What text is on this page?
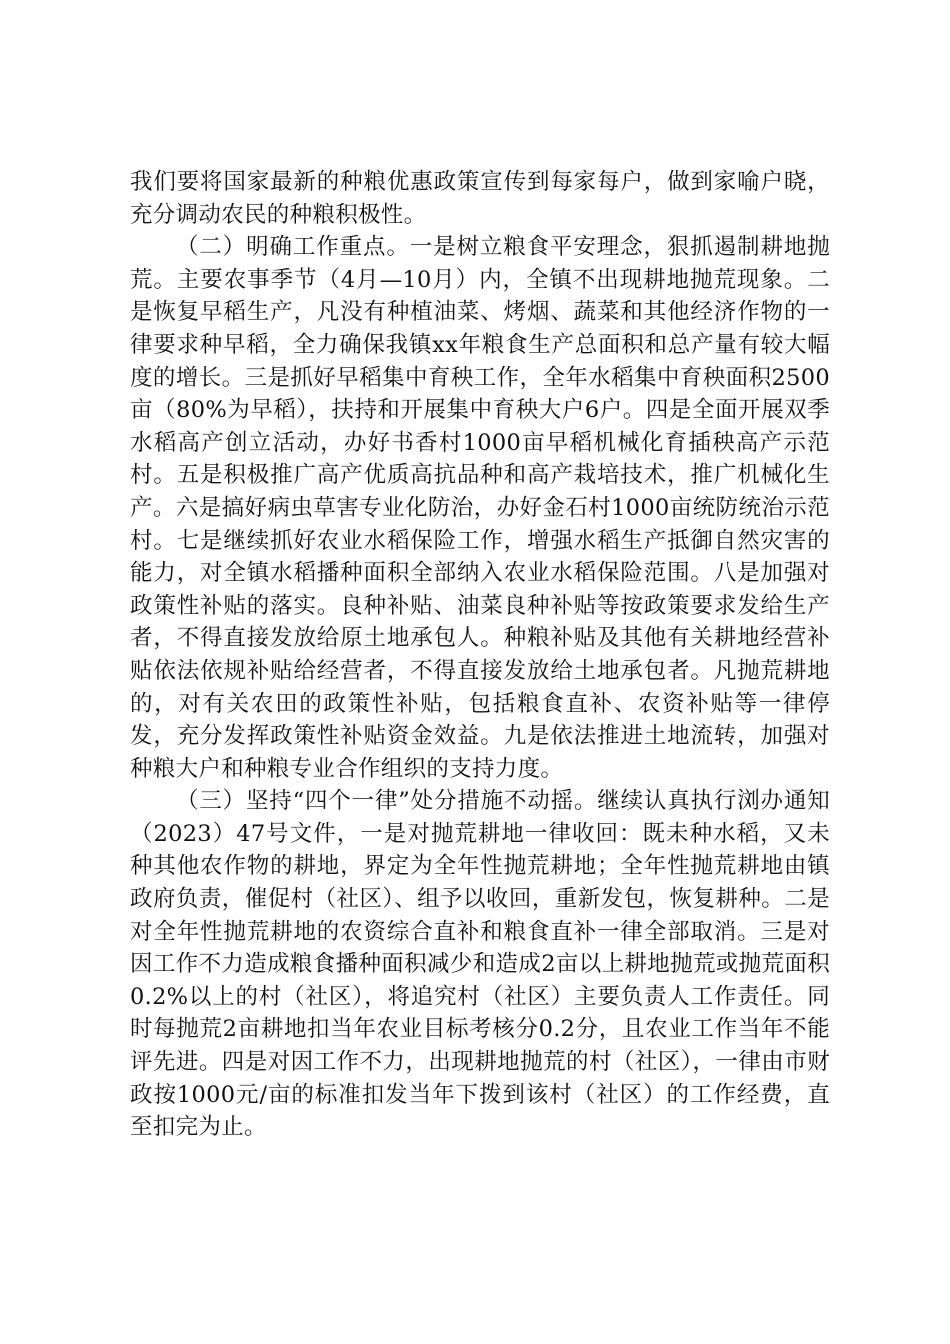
我们要将国家最新的种粮优惠政策宣传到每家每户，做到家喻户晓，充分调动农民的种粮积极性。

（二）明确工作重点。一是树立粮食平安理念，狠抓遏制耕地抛荒。主要农事季节（4月—10月）内，全镇不出现耕地抛荒现象。二是恢复早稻生产，凡没有种植油菜、烤烟、蔬菜和其他经济作物的一律要求种早稻，全力确保我镇xx年粮食生产总面积和总产量有较大幅度的增长。三是抓好早稻集中育秧工作，全年水稻集中育秧面积2500亩（80%为早稻），扶持和开展集中育秧大户6户。四是全面开展双季水稻高产创立活动，办好书香村1000亩早稻机械化育插秧高产示范村。五是积极推广高产优质高抗品种和高产栽培技术，推广机械化生产。六是搞好病虫草害专业化防治，办好金石村1000亩统防统治示范村。七是继续抓好农业水稻保险工作，增强水稻生产抵御自然灾害的能力，对全镇水稻播种面积全部纳入农业水稻保险范围。八是加强对政策性补贴的落实。良种补贴、油菜良种补贴等按政策要求发给生产者，不得直接发放给原土地承包人。种粮补贴及其他有关耕地经营补贴依法依规补贴给经营者，不得直接发放给土地承包者。凡抛荒耕地的，对有关农田的政策性补贴，包括粮食直补、农资补贴等一律停发，充分发挥政策性补贴资金效益。九是依法推进土地流转，加强对种粮大户和种粮专业合作组织的支持力度。

（三）坚持“四个一律”处分措施不动摇。继续认真执行浏办通知（2023）47号文件，一是对抛荒耕地一律收回：既未种水稻，又未种其他农作物的耕地，界定为全年性抛荒耕地；全年性抛荒耕地由镇政府负责，催促村（社区）、组予以收回，重新发包，恢复耕种。二是对全年性抛荒耕地的农资综合直补和粮食直补一律全部取消。三是对因工作不力造成粮食播种面积减少和造成2亩以上耕地抛荒或抛荒面积0.2%以上的村（社区），将追究村（社区）主要负责人工作责任。同时每抛荒2亩耕地扣当年农业目标考核分0.2分，且农业工作当年不能评先进。四是对因工作不力，出现耕地抛荒的村（社区），一律由市财政按1000元/亩的标准扣发当年下拨到该村（社区）的工作经费，直至扣完为止。
